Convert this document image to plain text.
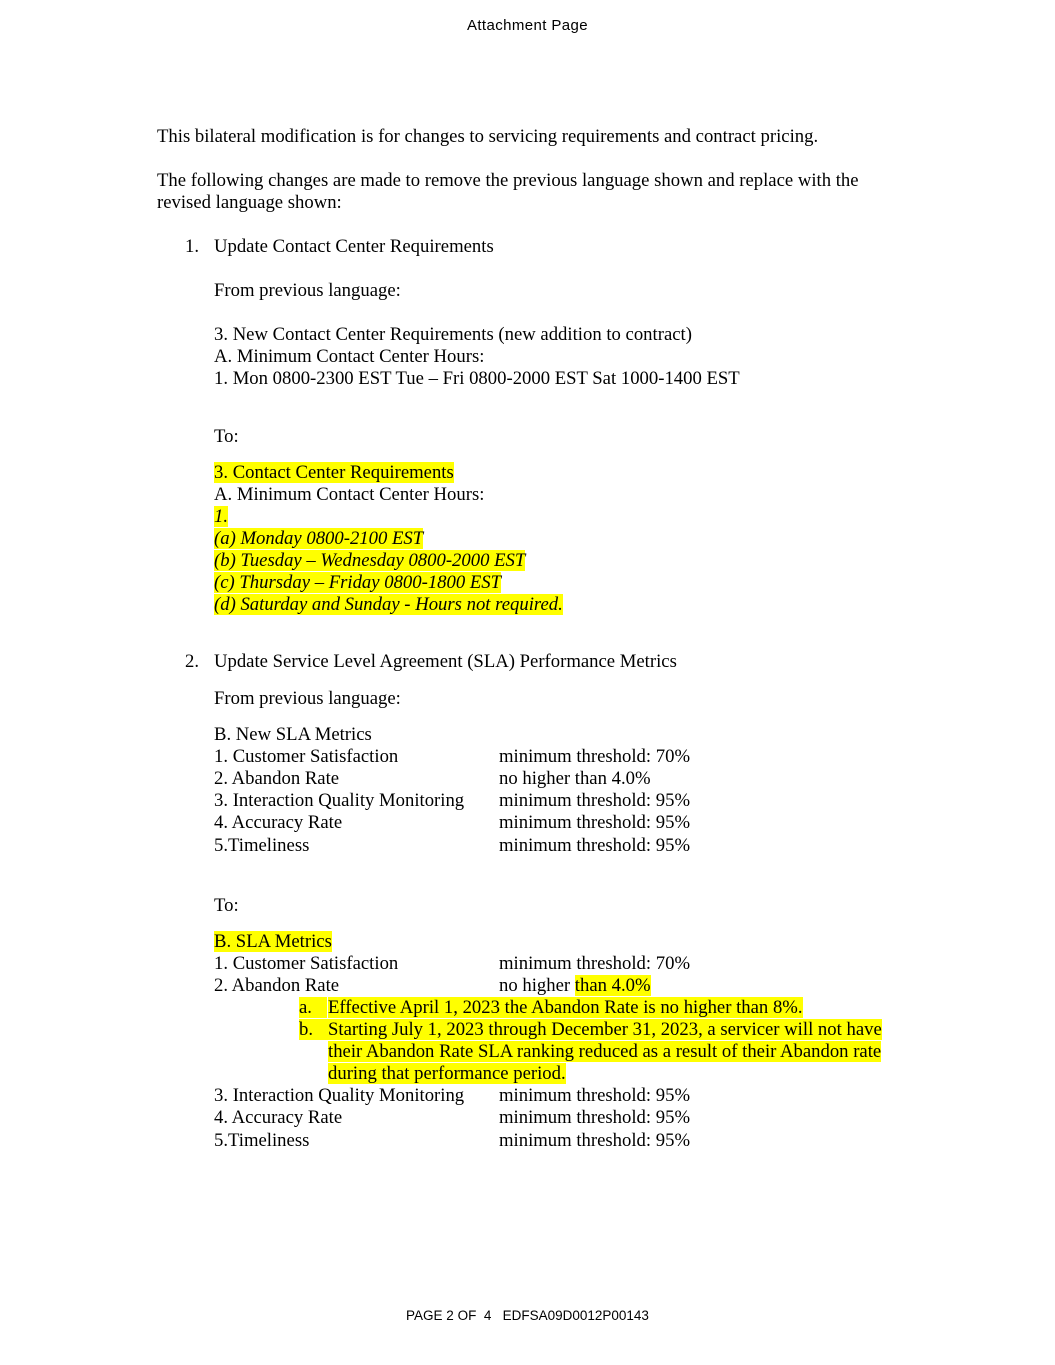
Attachment Page
This bilateral modification is for changes to servicing requirements and contract pricing.
The following changes are made to remove the previous language shown and replace with the
revised language shown:
1. Update Contact Center Requirements
From previous language:
3. New Contact Center Requirements (new addition to contract)
A. Minimum Contact Center Hours:
1. Mon 0800-2300 EST Tue – Fri 0800-2000 EST Sat 1000-1400 EST
To:
3. Contact Center Requirements
A. Minimum Contact Center Hours:
1.
(a) Monday 0800-2100 EST
(b) Tuesday – Wednesday 0800-2000 EST
(c) Thursday – Friday 0800-1800 EST
(d) Saturday and Sunday - Hours not required.
2. Update Service Level Agreement (SLA) Performance Metrics
From previous language:
B. New SLA Metrics
1. Customer Satisfaction	minimum threshold: 70%
2. Abandon Rate	no higher than 4.0%
3. Interaction Quality Monitoring minimum threshold: 95%
4. Accuracy Rate	minimum threshold: 95%
5.Timeliness	minimum threshold: 95%
To:
B. SLA Metrics
1. Customer Satisfaction	minimum threshold: 70%
2. Abandon Rate	no higher than 4.0%
a. Effective April 1, 2023 the Abandon Rate is no higher than 8%.
b. Starting July 1, 2023 through December 31, 2023, a servicer will not have
their Abandon Rate SLA ranking reduced as a result of their Abandon rate
during that performance period.
3. Interaction Quality Monitoring minimum threshold: 95%
4. Accuracy Rate	minimum threshold: 95%
5.Timeliness	minimum threshold: 95%
PAGE 2 OF  4   EDFSA09D0012P00143
